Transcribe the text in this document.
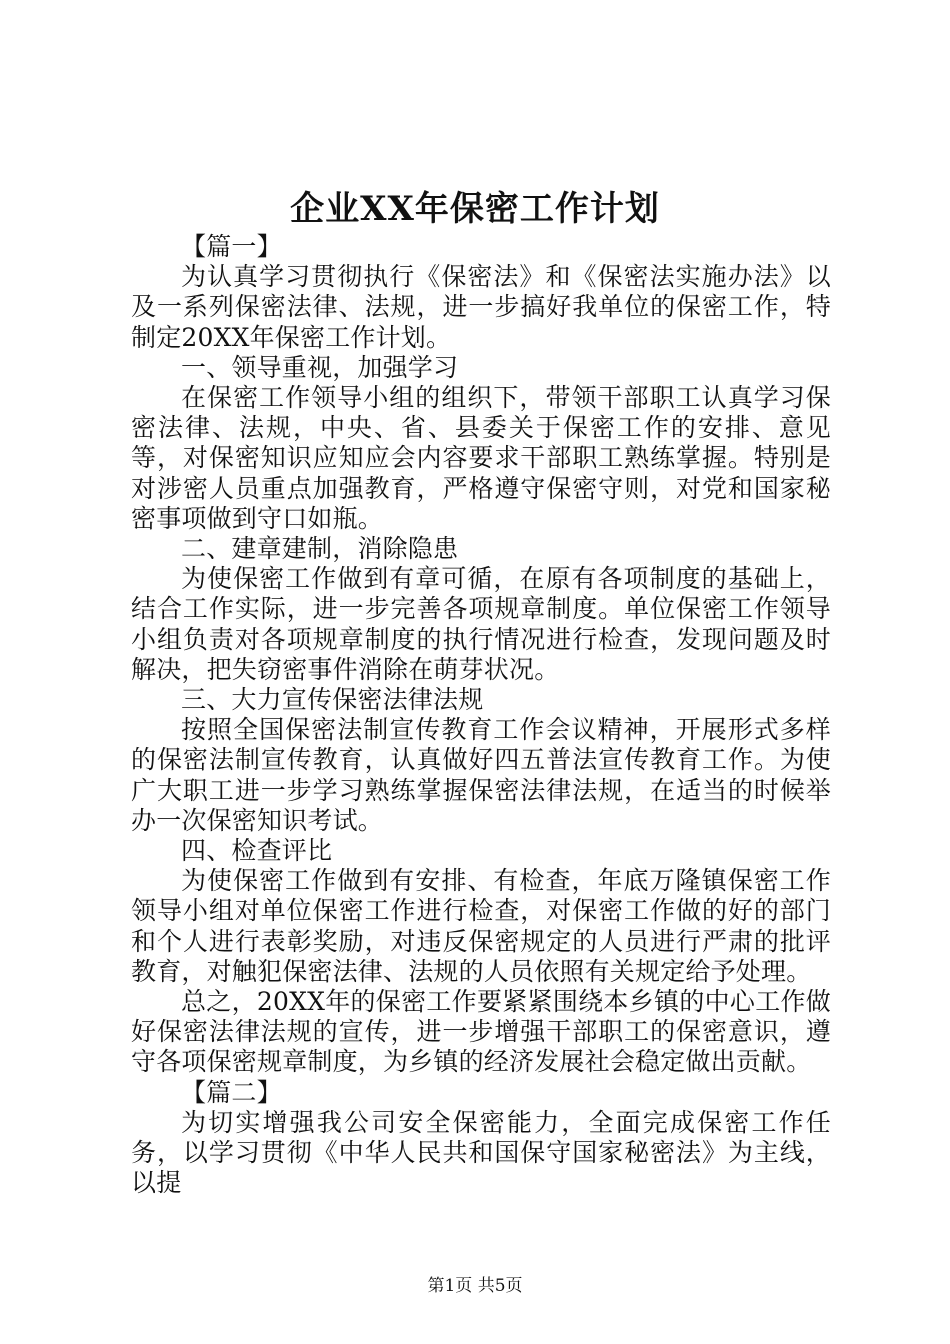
企业XX年保密工作计划

【篇一】

为认真学习贯彻执行《保密法》和《保密法实施办法》以及一系列保密法律、法规，进一步搞好我单位的保密工作，特制定20XX年保密工作计划。

一、领导重视，加强学习

在保密工作领导小组的组织下，带领干部职工认真学习保密法律、法规，中央、省、县委关于保密工作的安排、意见等，对保密知识应知应会内容要求干部职工熟练掌握。特别是对涉密人员重点加强教育，严格遵守保密守则，对党和国家秘密事项做到守口如瓶。

二、建章建制，消除隐患

为使保密工作做到有章可循，在原有各项制度的基础上，结合工作实际，进一步完善各项规章制度。单位保密工作领导小组负责对各项规章制度的执行情况进行检查，发现问题及时解决，把失窃密事件消除在萌芽状况。

三、大力宣传保密法律法规

按照全国保密法制宣传教育工作会议精神，开展形式多样的保密法制宣传教育，认真做好四五普法宣传教育工作。为使广大职工进一步学习熟练掌握保密法律法规，在适当的时候举办一次保密知识考试。

四、检查评比

为使保密工作做到有安排、有检查，年底万隆镇保密工作领导小组对单位保密工作进行检查，对保密工作做的好的部门和个人进行表彰奖励，对违反保密规定的人员进行严肃的批评教育，对触犯保密法律、法规的人员依照有关规定给予处理。

总之，20XX年的保密工作要紧紧围绕本乡镇的中心工作做好保密法律法规的宣传，进一步增强干部职工的保密意识，遵守各项保密规章制度，为乡镇的经济发展社会稳定做出贡献。

【篇二】

为切实增强我公司安全保密能力，全面完成保密工作任务，以学习贯彻《中华人民共和国保守国家秘密法》为主线，以提

第1页 共5页
